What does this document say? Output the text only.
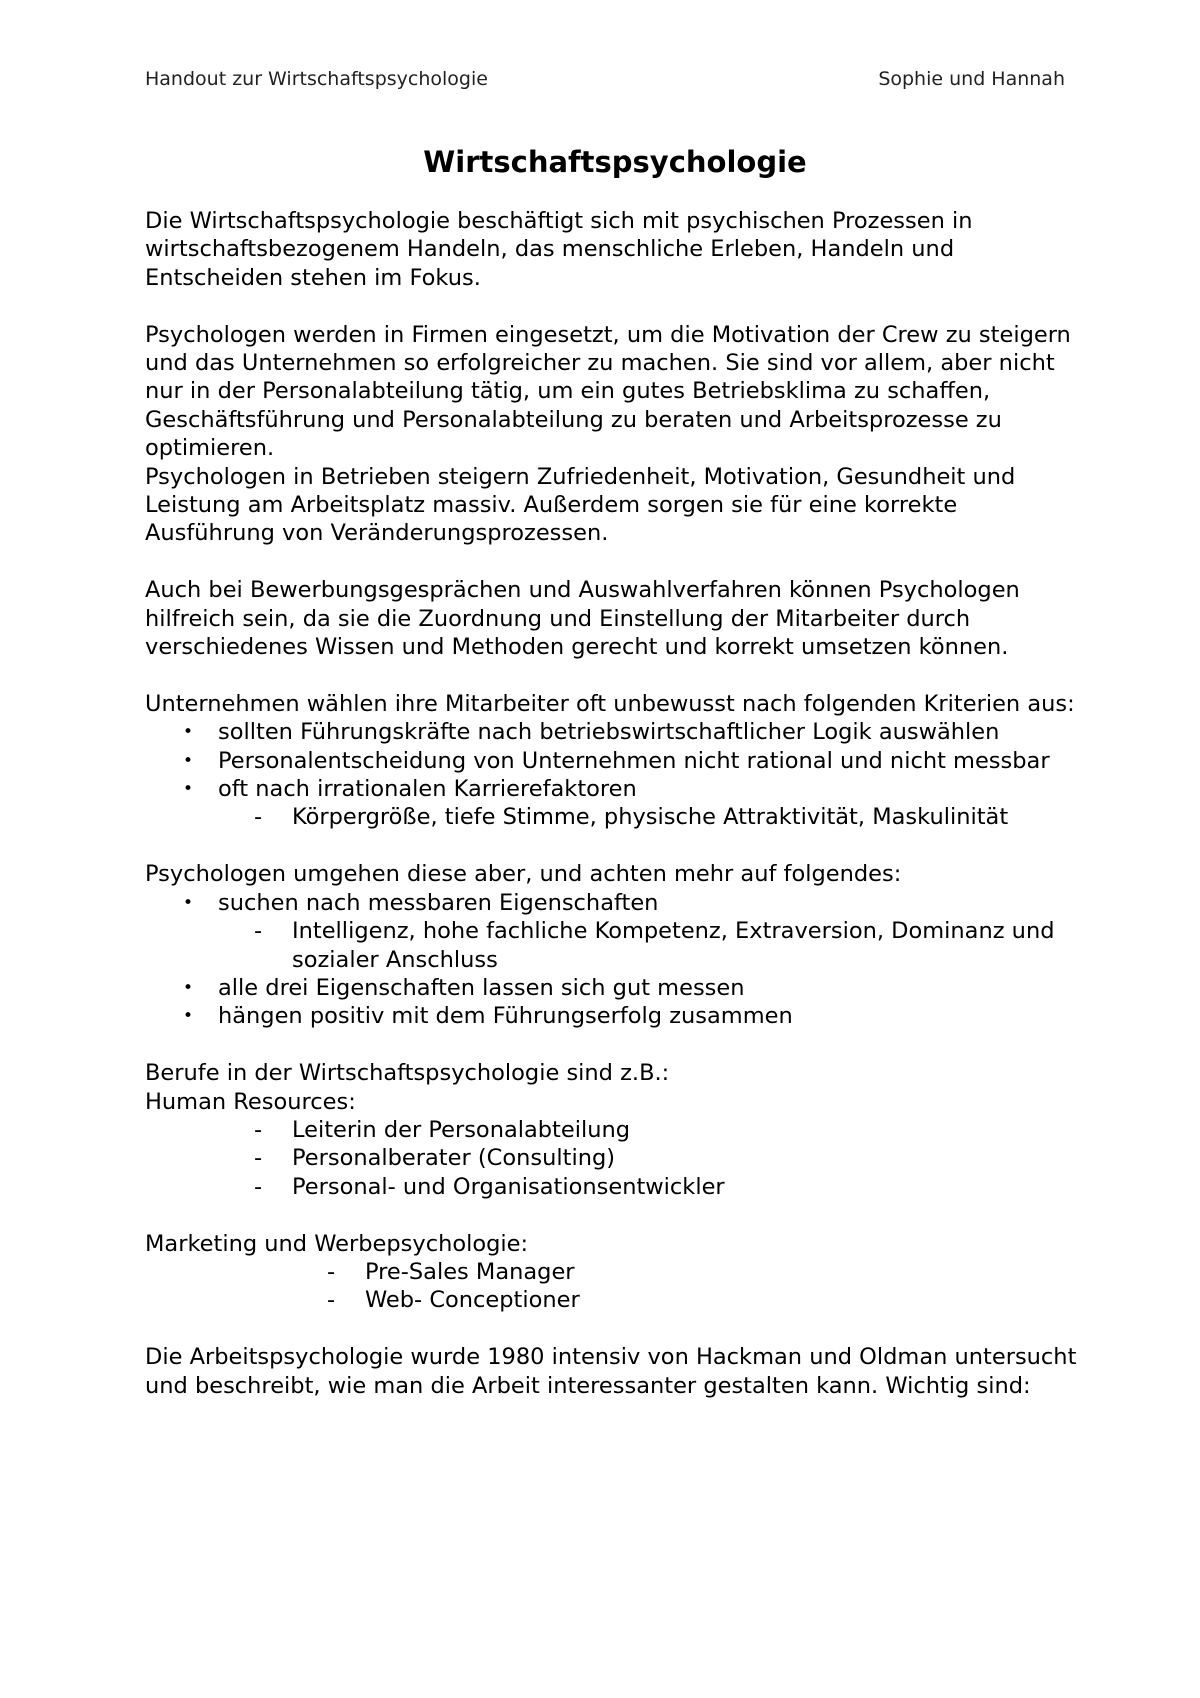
Handout zur Wirtschaftspsychologie	Sophie und Hannah
Wirtschaftspsychologie

Die Wirtschaftspsychologie beschäftigt sich mit psychischen Prozessen in wirtschaftsbezogenem Handeln, das menschliche Erleben, Handeln und Entscheiden stehen im Fokus.

Psychologen werden in Firmen eingesetzt, um die Motivation der Crew zu steigern und das Unternehmen so erfolgreicher zu machen. Sie sind vor allem, aber nicht nur in der Personalabteilung tätig, um ein gutes Betriebsklima zu schaffen, Geschäftsführung und Personalabteilung zu beraten und Arbeitsprozesse zu optimieren.

Psychologen in Betrieben steigern Zufriedenheit, Motivation, Gesundheit und Leistung am Arbeitsplatz massiv. Außerdem sorgen sie für eine korrekte Ausführung von Veränderungsprozessen.

Auch bei Bewerbungsgesprächen und Auswahlverfahren können Psychologen hilfreich sein, da sie die Zuordnung und Einstellung der Mitarbeiter durch verschiedenes Wissen und Methoden gerecht und korrekt umsetzen können.

Unternehmen wählen ihre Mitarbeiter oft unbewusst nach folgenden Kriterien aus:

• sollten Führungskräfte nach betriebswirtschaftlicher Logik auswählen
• Personalentscheidung von Unternehmen nicht rational und nicht messbar
• oft nach irrationalen Karrierefaktoren
- Körpergröße, tiefe Stimme, physische Attraktivität, Maskulinität

Psychologen umgehen diese aber, und achten mehr auf folgendes:

• suchen nach messbaren Eigenschaften
- Intelligenz, hohe fachliche Kompetenz, Extraversion, Dominanz und sozialer Anschluss
• alle drei Eigenschaften lassen sich gut messen
• hängen positiv mit dem Führungserfolg zusammen

Berufe in der Wirtschaftspsychologie sind z.B.:

Human Resources:

- Leiterin der Personalabteilung
- Personalberater (Consulting)
- Personal- und Organisationsentwickler

Marketing und Werbepsychologie:

- Pre-Sales Manager
- Web- Conceptioner

Die Arbeitspsychologie wurde 1980 intensiv von Hackman und Oldman untersucht und beschreibt, wie man die Arbeit interessanter gestalten kann. Wichtig sind:
